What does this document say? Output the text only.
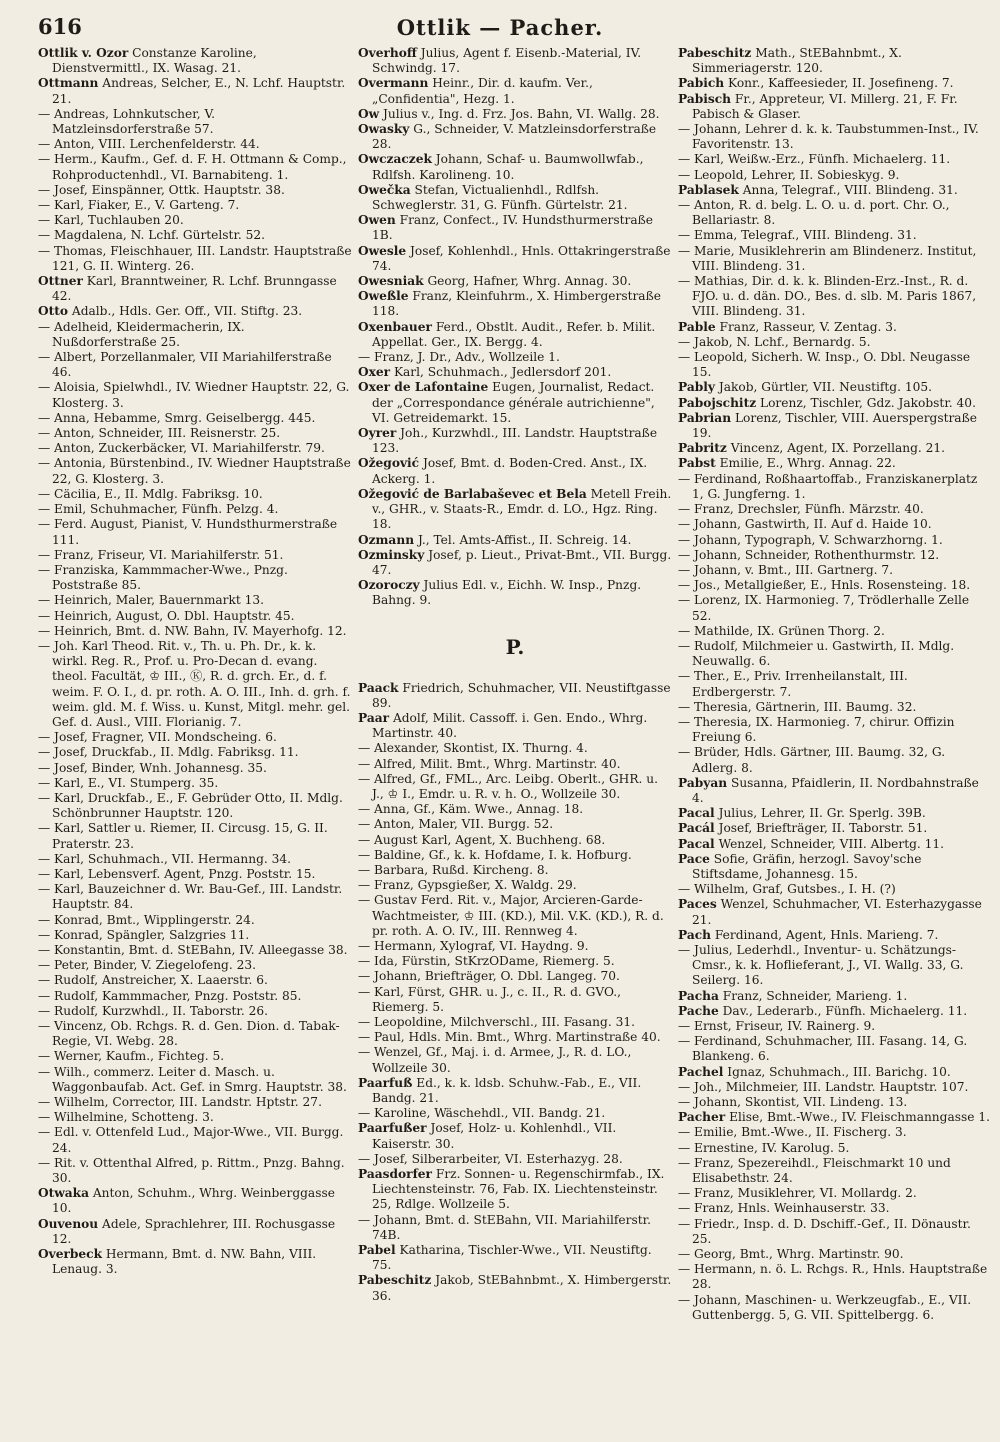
616	Ottlik — Pacher.

Ottlik v. Ozor Constanze Karoline, Dienstvermittl., IX. Wasag. 21.

Ottmann Andreas, Selcher, E., N. Lchf. Hauptstr. 21.

— Andreas, Lohnkutscher, V. Matzleinsdorferstraße 57.

— Anton, VIII. Lerchenfelderstr. 44.

— Herm., Kaufm., Gef. d. F. H. Ottmann & Comp., Rohproductenhdl., VI. Barnabiteng. 1.

— Josef, Einspänner, Ottk. Hauptstr. 38.

— Karl, Fiaker, E., V. Garteng. 7.

— Karl, Tuchlauben 20.

— Magdalena, N. Lchf. Gürtelstr. 52.

— Thomas, Fleischhauer, III. Landstr. Hauptstraße 121, G. II. Winterg. 26.

Ottner Karl, Branntweiner, R. Lchf. Brunngasse 42.

Otto Adalb., Hdls. Ger. Off., VII. Stiftg. 23.

— Adelheid, Kleidermacherin, IX. Nußdorferstraße 25.

— Albert, Porzellanmaler, VII Mariahilferstraße 46.

— Aloisia, Spielwhdl., IV. Wiedner Hauptstr. 22, G. Klosterg. 3.

— Anna, Hebamme, Smrg. Geiselbergg. 445.

— Anton, Schneider, III. Reisnerstr. 25.

— Anton, Zuckerbäcker, VI. Mariahilferstr. 79.

— Antonia, Bürstenbind., IV. Wiedner Hauptstraße 22, G. Klosterg. 3.

— Cäcilia, E., II. Mdlg. Fabriksg. 10.

— Emil, Schuhmacher, Fünfh. Pelzg. 4.

— Ferd. August, Pianist, V. Hundsthurmerstraße 111.

— Franz, Friseur, VI. Mariahilferstr. 51.

— Franziska, Kammmacher-Wwe., Pnzg. Poststraße 85.

— Heinrich, Maler, Bauernmarkt 13.

— Heinrich, August, O. Dbl. Hauptstr. 45.

— Heinrich, Bmt. d. NW. Bahn, IV. Mayerhofg. 12.

— Joh. Karl Theod. Rit. v., Th. u. Ph. Dr., k. k. wirkl. Reg. R., Prof. u. Pro-Decan d. evang. theol. Facultät, ♔ III., Ⓚ, R. d. grch. Er., d. f. weim. F. O. I., d. pr. roth. A. O. III., Inh. d. grh. f. weim. gld. M. f. Wiss. u. Kunst, Mitgl. mehr. gel. Gef. d. Ausl., VIII. Florianig. 7.

— Josef, Fragner, VII. Mondscheing. 6.

— Josef, Druckfab., II. Mdlg. Fabriksg. 11.

— Josef, Binder, Wnh. Johannesg. 35.

— Karl, E., VI. Stumperg. 35.

— Karl, Druckfab., E., F. Gebrüder Otto, II. Mdlg. Schönbrunner Hauptstr. 120.

— Karl, Sattler u. Riemer, II. Circusg. 15, G. II. Praterstr. 23.

— Karl, Schuhmach., VII. Hermanng. 34.

— Karl, Lebensverf. Agent, Pnzg. Poststr. 15.

— Karl, Bauzeichner d. Wr. Bau-Gef., III. Landstr. Hauptstr. 84.

— Konrad, Bmt., Wipplingerstr. 24.

— Konrad, Spängler, Salzgries 11.

— Konstantin, Bmt. d. StEBahn, IV. Alleegasse 38.

— Peter, Binder, V. Ziegelofeng. 23.

— Rudolf, Anstreicher, X. Laaerstr. 6.

— Rudolf, Kammmacher, Pnzg. Poststr. 85.

— Rudolf, Kurzwhdl., II. Taborstr. 26.

— Vincenz, Ob. Rchgs. R. d. Gen. Dion. d. Tabak-Regie, VI. Webg. 28.

— Werner, Kaufm., Fichteg. 5.

— Wilh., commerz. Leiter d. Masch. u. Waggonbaufab. Act. Gef. in Smrg. Hauptstr. 38.

— Wilhelm, Corrector, III. Landstr. Hptstr. 27.

— Wilhelmine, Schotteng. 3.

— Edl. v. Ottenfeld Lud., Major-Wwe., VII. Burgg. 24.

— Rit. v. Ottenthal Alfred, p. Rittm., Pnzg. Bahng. 30.

Otwaka Anton, Schuhm., Whrg. Weinberggasse 10.

Ouvenou Adele, Sprachlehrer, III. Rochusgasse 12.

Overbeck Hermann, Bmt. d. NW. Bahn, VIII. Lenaug. 3.

Overhoff Julius, Agent f. Eisenb.-Material, IV. Schwindg. 17.

Overmann Heinr., Dir. d. kaufm. Ver., „Confidentia", Hezg. 1.

Ow Julius v., Ing. d. Frz. Jos. Bahn, VI. Wallg. 28.

Owasky G., Schneider, V. Matzleinsdorferstraße 28.

Owczaczek Johann, Schaf- u. Baumwollwfab., Rdlfsh. Karolineng. 10.

Owečka Stefan, Victualienhdl., Rdlfsh. Schweglerstr. 31, G. Fünfh. Gürtelstr. 21.

Owen Franz, Confect., IV. Hundsthurmerstraße 1B.

Owesle Josef, Kohlenhdl., Hnls. Ottakringerstraße 74.

Owesniak Georg, Hafner, Whrg. Annag. 30.

Oweßle Franz, Kleinfuhrm., X. Himbergerstraße 118.

Oxenbauer Ferd., Obstlt. Audit., Refer. b. Milit. Appellat. Ger., IX. Bergg. 4.

— Franz, J. Dr., Adv., Wollzeile 1.

Oxer Karl, Schuhmach., Jedlersdorf 201.

Oxer de Lafontaine Eugen, Journalist, Redact. der „Correspondance générale autrichienne", VI. Getreidemarkt. 15.

Oyrer Joh., Kurzwhdl., III. Landstr. Hauptstraße 123.

Ožegović Josef, Bmt. d. Boden-Cred. Anst., IX. Ackerg. 1.

Ožegović de Barlabaševec et Bela Metell Freih. v., GHR., v. Staats-R., Emdr. d. LO., Hgz. Ring. 18.

Ozmann J., Tel. Amts-Affist., II. Schreig. 14.

Ozminsky Josef, p. Lieut., Privat-Bmt., VII. Burgg. 47.

Ozoroczy Julius Edl. v., Eichh. W. Insp., Pnzg. Bahng. 9.

P.

Paack Friedrich, Schuhmacher, VII. Neustiftgasse 89.

Paar Adolf, Milit. Cassoff. i. Gen. Endo., Whrg. Martinstr. 40.

— Alexander, Skontist, IX. Thurng. 4.

— Alfred, Milit. Bmt., Whrg. Martinstr. 40.

— Alfred, Gf., FML., Arc. Leibg. Oberlt., GHR. u. J., ♔ I., Emdr. u. R. v. h. O., Wollzeile 30.

— Anna, Gf., Käm. Wwe., Annag. 18.

— Anton, Maler, VII. Burgg. 52.

— August Karl, Agent, X. Buchheng. 68.

— Baldine, Gf., k. k. Hofdame, I. k. Hofburg.

— Barbara, Rußd. Kircheng. 8.

— Franz, Gypsgießer, X. Waldg. 29.

— Gustav Ferd. Rit. v., Major, Arcieren-Garde-Wachtmeister, ♔ III. (KD.), Mil. V.K. (KD.), R. d. pr. roth. A. O. IV., III. Rennweg 4.

— Hermann, Xylograf, VI. Haydng. 9.

— Ida, Fürstin, StKrzODame, Riemerg. 5.

— Johann, Briefträger, O. Dbl. Langeg. 70.

— Karl, Fürst, GHR. u. J., c. II., R. d. GVO., Riemerg. 5.

— Leopoldine, Milchverschl., III. Fasang. 31.

— Paul, Hdls. Min. Bmt., Whrg. Martinstraße 40.

— Wenzel, Gf., Maj. i. d. Armee, J., R. d. LO., Wollzeile 30.

Paarfuß Ed., k. k. ldsb. Schuhw.-Fab., E., VII. Bandg. 21.

— Karoline, Wäschehdl., VII. Bandg. 21.

Paarfußer Josef, Holz- u. Kohlenhdl., VII. Kaiserstr. 30.

— Josef, Silberarbeiter, VI. Esterhazyg. 28.

Paasdorfer Frz. Sonnen- u. Regenschirmfab., IX. Liechtensteinstr. 76, Fab. IX. Liechtensteinstr. 25, Rdlge. Wollzeile 5.

— Johann, Bmt. d. StEBahn, VII. Mariahilferstr. 74B.

Pabel Katharina, Tischler-Wwe., VII. Neustiftg. 75.

Pabeschitz Jakob, StEBahnbmt., X. Himbergerstr. 36.

Pabeschitz Math., StEBahnbmt., X. Simmeriagerstr. 120.

Pabich Konr., Kaffeesieder, II. Josefineng. 7.

Pabisch Fr., Appreteur, VI. Millerg. 21, F. Fr. Pabisch & Glaser.

— Johann, Lehrer d. k. k. Taubstummen-Inst., IV. Favoritenstr. 13.

— Karl, Weißw.-Erz., Fünfh. Michaelerg. 11.

— Leopold, Lehrer, II. Sobieskyg. 9.

Pablasek Anna, Telegraf., VIII. Blindeng. 31.

— Anton, R. d. belg. L. O. u. d. port. Chr. O., Bellariastr. 8.

— Emma, Telegraf., VIII. Blindeng. 31.

— Marie, Musiklehrerin am Blindenerz. Institut, VIII. Blindeng. 31.

— Mathias, Dir. d. k. k. Blinden-Erz.-Inst., R. d. FJO. u. d. dän. DO., Bes. d. slb. M. Paris 1867, VIII. Blindeng. 31.

Pable Franz, Rasseur, V. Zentag. 3.

— Jakob, N. Lchf., Bernardg. 5.

— Leopold, Sicherh. W. Insp., O. Dbl. Neugasse 15.

Pably Jakob, Gürtler, VII. Neustiftg. 105.

Pabojschitz Lorenz, Tischler, Gdz. Jakobstr. 40.

Pabrian Lorenz, Tischler, VIII. Auerspergstraße 19.

Pabritz Vincenz, Agent, IX. Porzellang. 21.

Pabst Emilie, E., Whrg. Annag. 22.

— Ferdinand, Roßhaartoffab., Franziskanerplatz 1, G. Jungferng. 1.

— Franz, Drechsler, Fünfh. Märzstr. 40.

— Johann, Gastwirth, II. Auf d. Haide 10.

— Johann, Typograph, V. Schwarzhorng. 1.

— Johann, Schneider, Rothenthurmstr. 12.

— Johann, v. Bmt., III. Gartnerg. 7.

— Jos., Metallgießer, E., Hnls. Rosensteing. 18.

— Lorenz, IX. Harmonieg. 7, Trödlerhalle Zelle 52.

— Mathilde, IX. Grünen Thorg. 2.

— Rudolf, Milchmeier u. Gastwirth, II. Mdlg. Neuwallg. 6.

— Ther., E., Priv. Irrenheilanstalt, III. Erdbergerstr. 7.

— Theresia, Gärtnerin, III. Baumg. 32.

— Theresia, IX. Harmonieg. 7, chirur. Offizin Freiung 6.

— Brüder, Hdls. Gärtner, III. Baumg. 32, G. Adlerg. 8.

Pabyan Susanna, Pfaidlerin, II. Nordbahnstraße 4.

Pacal Julius, Lehrer, II. Gr. Sperlg. 39B.

Pacál Josef, Briefträger, II. Taborstr. 51.

Pacal Wenzel, Schneider, VIII. Albertg. 11.

Pace Sofie, Gräfin, herzogl. Savoy'sche Stiftsdame, Johannesg. 15.

— Wilhelm, Graf, Gutsbes., I. H. (?)

Paces Wenzel, Schuhmacher, VI. Esterhazygasse 21.

Pach Ferdinand, Agent, Hnls. Marieng. 7.

— Julius, Lederhdl., Inventur- u. Schätzungs-Cmsr., k. k. Hoflieferant, J., VI. Wallg. 33, G. Seilerg. 16.

Pacha Franz, Schneider, Marieng. 1.

Pache Dav., Lederarb., Fünfh. Michaelerg. 11.

— Ernst, Friseur, IV. Rainerg. 9.

— Ferdinand, Schuhmacher, III. Fasang. 14, G. Blankeng. 6.

Pachel Ignaz, Schuhmach., III. Barichg. 10.

— Joh., Milchmeier, III. Landstr. Hauptstr. 107.

— Johann, Skontist, VII. Lindeng. 13.

Pacher Elise, Bmt.-Wwe., IV. Fleischmanngasse 1.

— Emilie, Bmt.-Wwe., II. Fischerg. 3.

— Ernestine, IV. Karolug. 5.

— Franz, Spezereihdl., Fleischmarkt 10 und Elisabethstr. 24.

— Franz, Musiklehrer, VI. Mollardg. 2.

— Franz, Hnls. Weinhauserstr. 33.

— Friedr., Insp. d. D. Dschiff.-Gef., II. Dönaustr. 25.

— Georg, Bmt., Whrg. Martinstr. 90.

— Hermann, n. ö. L. Rchgs. R., Hnls. Hauptstraße 28.

— Johann, Maschinen- u. Werkzeugfab., E., VII. Guttenbergg. 5, G. VII. Spittelbergg. 6.
